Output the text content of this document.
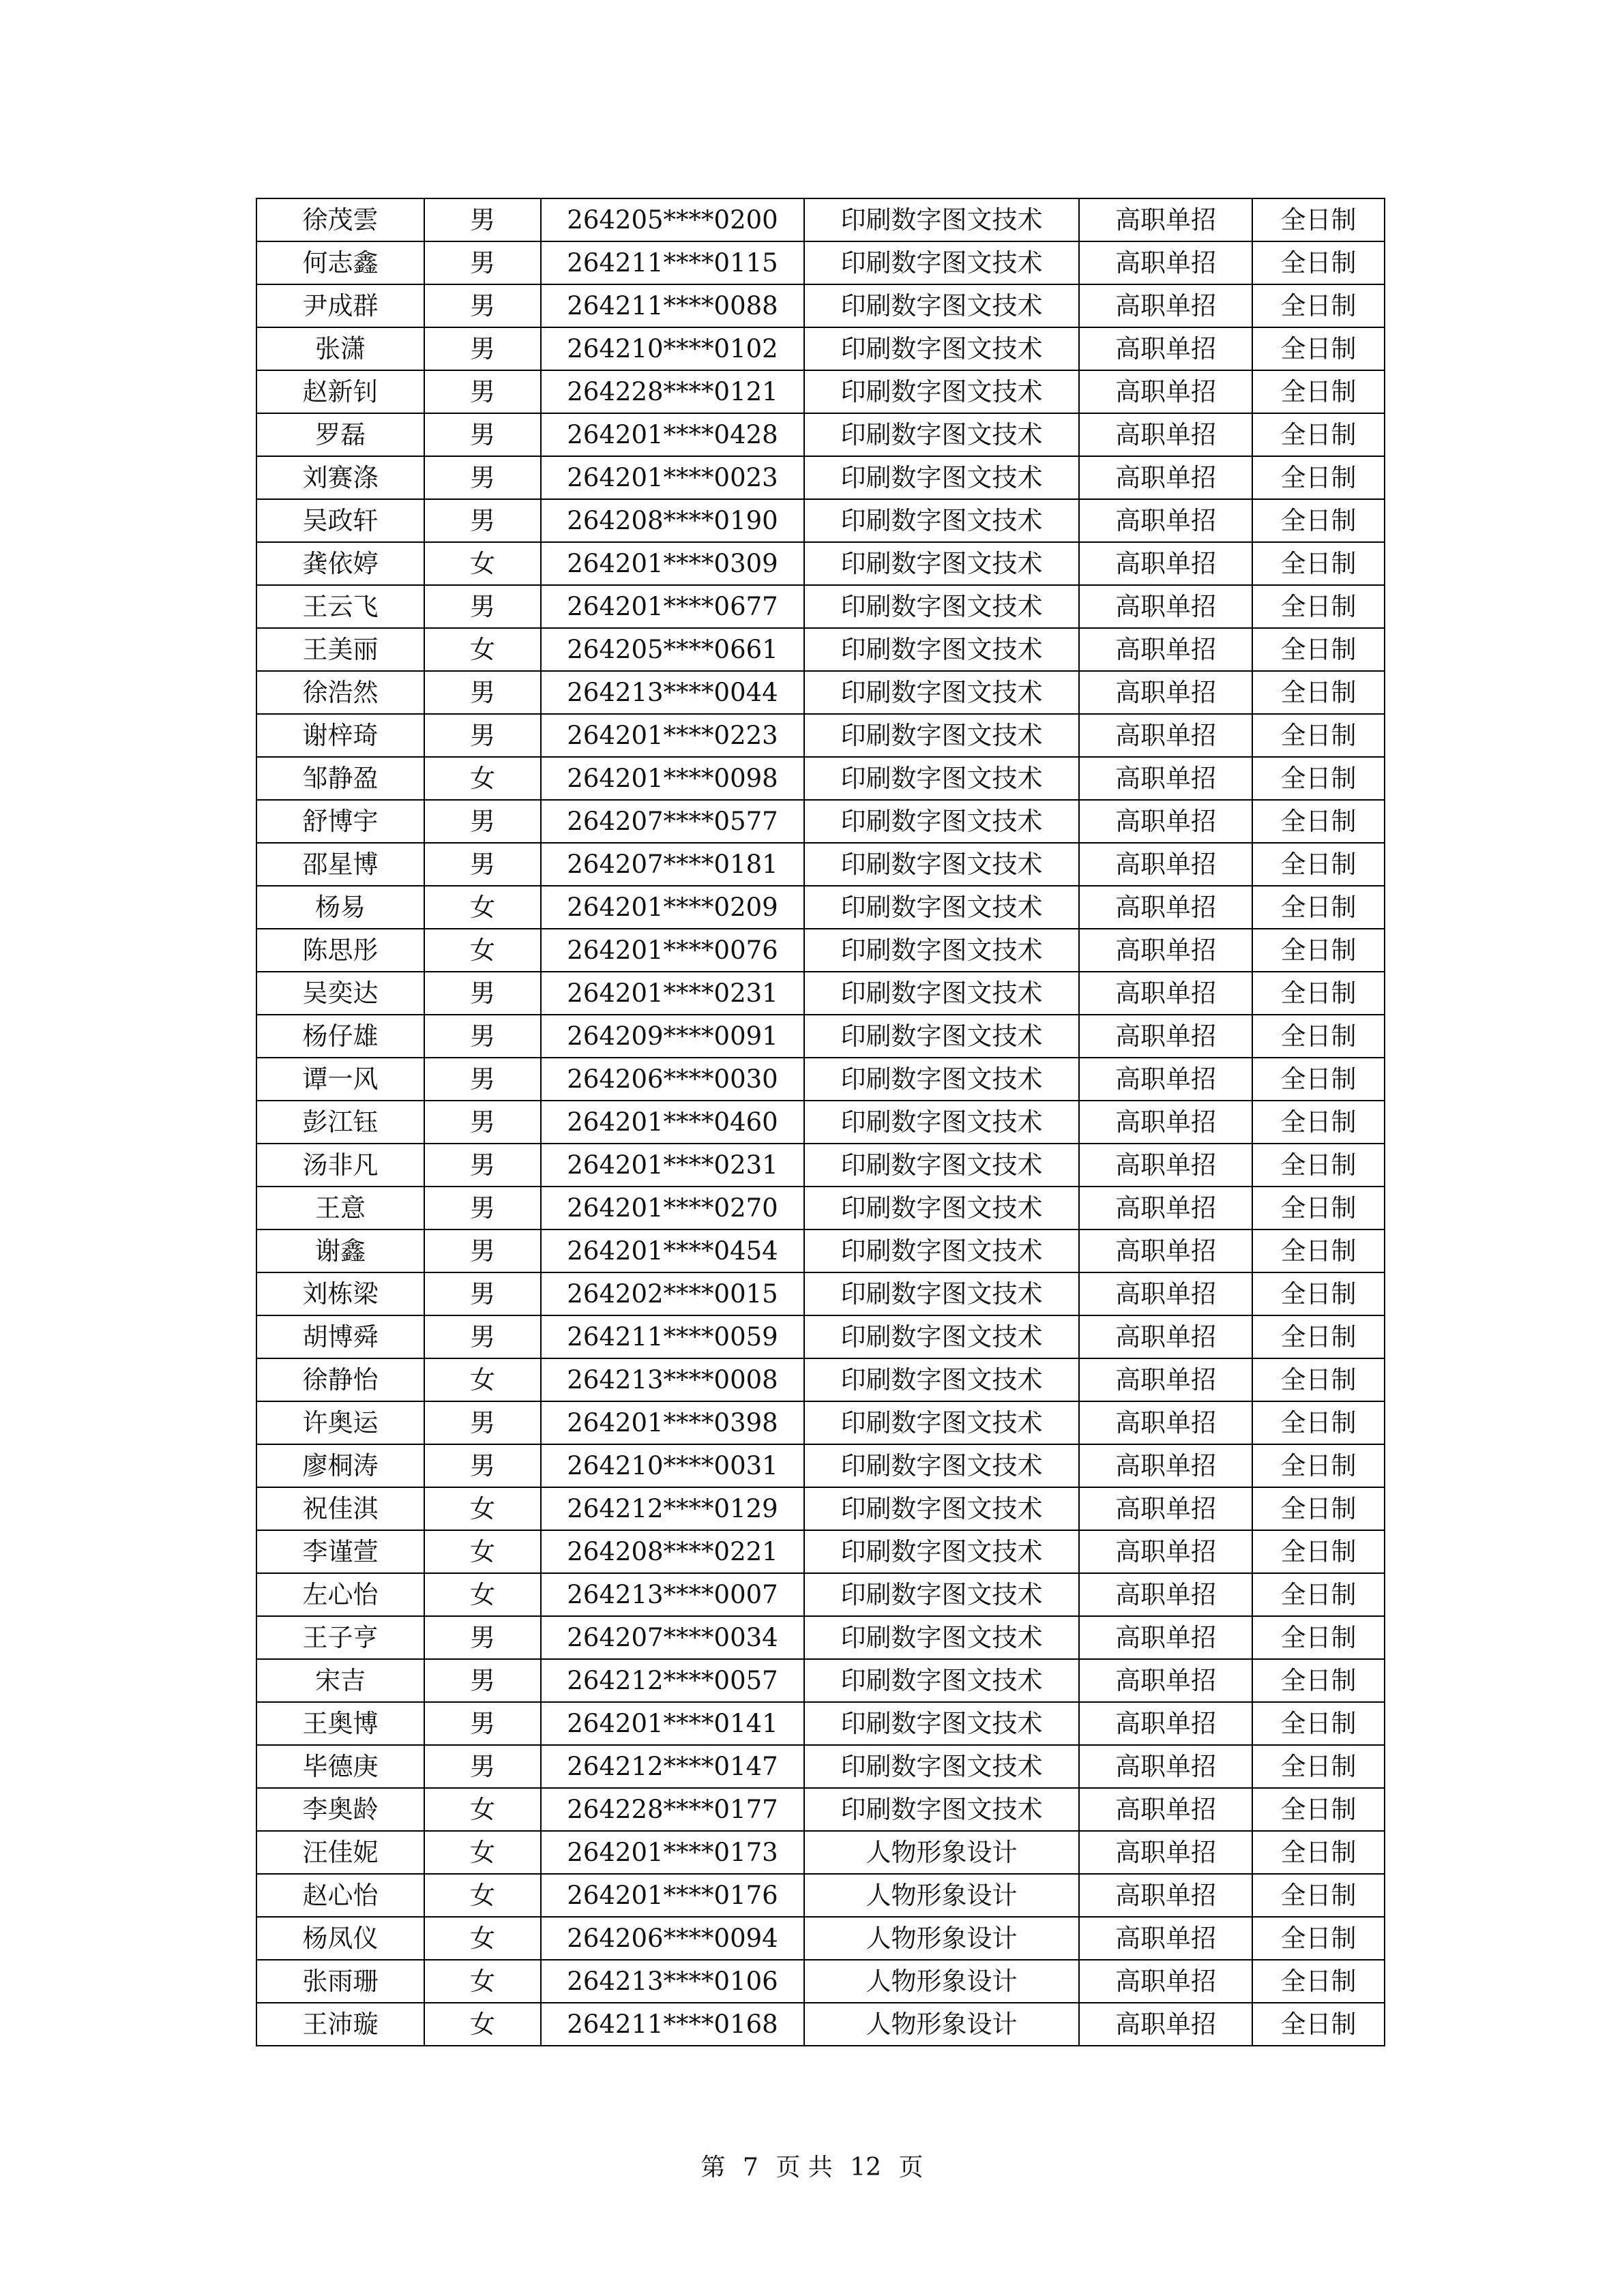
徐茂雲	男	264205****0200	印刷数字图文技术	高职单招	全日制
何志鑫	男	264211****0115	印刷数字图文技术	高职单招	全日制
尹成群	男	264211****0088	印刷数字图文技术	高职单招	全日制
张潇	男	264210****0102	印刷数字图文技术	高职单招	全日制
赵新钊	男	264228****0121	印刷数字图文技术	高职单招	全日制
罗磊	男	264201****0428	印刷数字图文技术	高职单招	全日制
刘赛涤	男	264201****0023	印刷数字图文技术	高职单招	全日制
吴政轩	男	264208****0190	印刷数字图文技术	高职单招	全日制
龚依婷	女	264201****0309	印刷数字图文技术	高职单招	全日制
王云飞	男	264201****0677	印刷数字图文技术	高职单招	全日制
王美丽	女	264205****0661	印刷数字图文技术	高职单招	全日制
徐浩然	男	264213****0044	印刷数字图文技术	高职单招	全日制
谢梓琦	男	264201****0223	印刷数字图文技术	高职单招	全日制
邹静盈	女	264201****0098	印刷数字图文技术	高职单招	全日制
舒博宇	男	264207****0577	印刷数字图文技术	高职单招	全日制
邵星博	男	264207****0181	印刷数字图文技术	高职单招	全日制
杨易	女	264201****0209	印刷数字图文技术	高职单招	全日制
陈思彤	女	264201****0076	印刷数字图文技术	高职单招	全日制
吴奕达	男	264201****0231	印刷数字图文技术	高职单招	全日制
杨仔雄	男	264209****0091	印刷数字图文技术	高职单招	全日制
谭一风	男	264206****0030	印刷数字图文技术	高职单招	全日制
彭江钰	男	264201****0460	印刷数字图文技术	高职单招	全日制
汤非凡	男	264201****0231	印刷数字图文技术	高职单招	全日制
王意	男	264201****0270	印刷数字图文技术	高职单招	全日制
谢鑫	男	264201****0454	印刷数字图文技术	高职单招	全日制
刘栋梁	男	264202****0015	印刷数字图文技术	高职单招	全日制
胡博舜	男	264211****0059	印刷数字图文技术	高职单招	全日制
徐静怡	女	264213****0008	印刷数字图文技术	高职单招	全日制
许奥运	男	264201****0398	印刷数字图文技术	高职单招	全日制
廖桐涛	男	264210****0031	印刷数字图文技术	高职单招	全日制
祝佳淇	女	264212****0129	印刷数字图文技术	高职单招	全日制
李谨萱	女	264208****0221	印刷数字图文技术	高职单招	全日制
左心怡	女	264213****0007	印刷数字图文技术	高职单招	全日制
王子亨	男	264207****0034	印刷数字图文技术	高职单招	全日制
宋吉	男	264212****0057	印刷数字图文技术	高职单招	全日制
王奥博	男	264201****0141	印刷数字图文技术	高职单招	全日制
毕德庚	男	264212****0147	印刷数字图文技术	高职单招	全日制
李奥龄	女	264228****0177	印刷数字图文技术	高职单招	全日制
汪佳妮	女	264201****0173	人物形象设计	高职单招	全日制
赵心怡	女	264201****0176	人物形象设计	高职单招	全日制
杨凤仪	女	264206****0094	人物形象设计	高职单招	全日制
张雨珊	女	264213****0106	人物形象设计	高职单招	全日制
王沛璇	女	264211****0168	人物形象设计	高职单招	全日制
第 7 页 共 12 页
